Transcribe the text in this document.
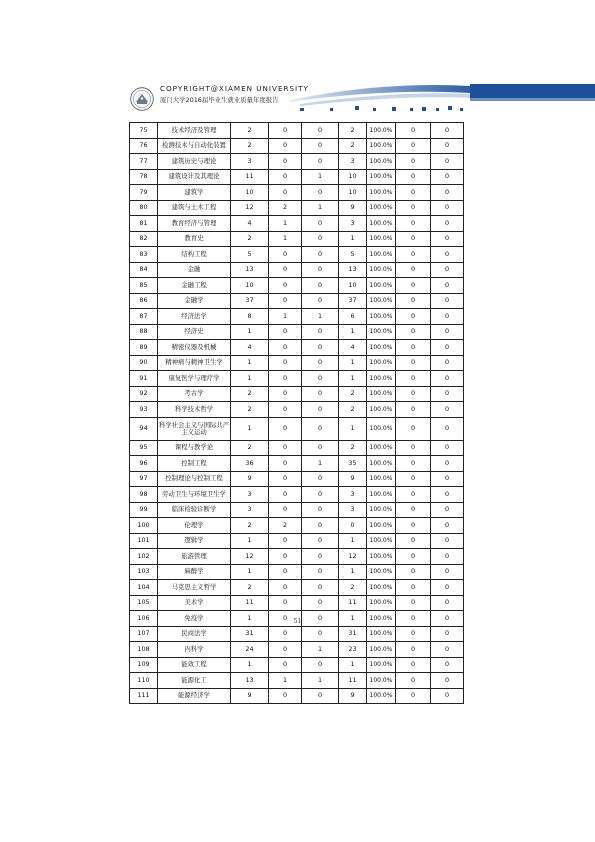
COPYRIGHT@XIAMEN UNIVERSITY
厦门大学2016届毕业生就业质量年度报告
75	技术经济及管理	2	0	0	2	100.0%	0	0
76	检测技术与自动化装置	2	0	0	2	100.0%	0	0
77	建筑历史与理论	3	0	0	3	100.0%	0	0
78	建筑设计及其理论	11	0	1	10	100.0%	0	0
79	建筑学	10	0	0	10	100.0%	0	0
80	建筑与土木工程	12	2	1	9	100.0%	0	0
81	教育经济与管理	4	1	0	3	100.0%	0	0
82	教育史	2	1	0	1	100.0%	0	0
83	结构工程	5	0	0	5	100.0%	0	0
84	金融	13	0	0	13	100.0%	0	0
85	金融工程	10	0	0	10	100.0%	0	0
86	金融学	37	0	0	37	100.0%	0	0
87	经济法学	8	1	1	6	100.0%	0	0
88	经济史	1	0	0	1	100.0%	0	0
89	精密仪器及机械	4	0	0	4	100.0%	0	0
90	精神病与精神卫生学	1	0	0	1	100.0%	0	0
91	康复医学与理疗学	1	0	0	1	100.0%	0	0
92	考古学	2	0	0	2	100.0%	0	0
93	科学技术哲学	2	0	0	2	100.0%	0	0
94	科学社会主义与国际共产主义运动	1	0	0	1	100.0%	0	0
95	课程与教学论	2	0	0	2	100.0%	0	0
96	控制工程	36	0	1	35	100.0%	0	0
97	控制理论与控制工程	9	0	0	9	100.0%	0	0
98	劳动卫生与环境卫生学	3	0	0	3	100.0%	0	0
99	临床检验诊断学	3	0	0	3	100.0%	0	0
100	伦理学	2	2	0	0	100.0%	0	0
101	逻辑学	1	0	0	1	100.0%	0	0
102	旅游管理	12	0	0	12	100.0%	0	0
103	麻醉学	1	0	0	1	100.0%	0	0
104	马克思主义哲学	2	0	0	2	100.0%	0	0
105	美术学	11	0	0	11	100.0%	0	0
106	免疫学	1	0	0	1	100.0%	0	0
107	民商法学	31	0	0	31	100.0%	0	0
108	内科学	24	0	1	23	100.0%	0	0
109	能效工程	1	0	0	1	100.0%	0	0
110	能源化工	13	1	1	11	100.0%	0	0
111	能源经济学	9	0	0	9	100.0%	0	0
51
